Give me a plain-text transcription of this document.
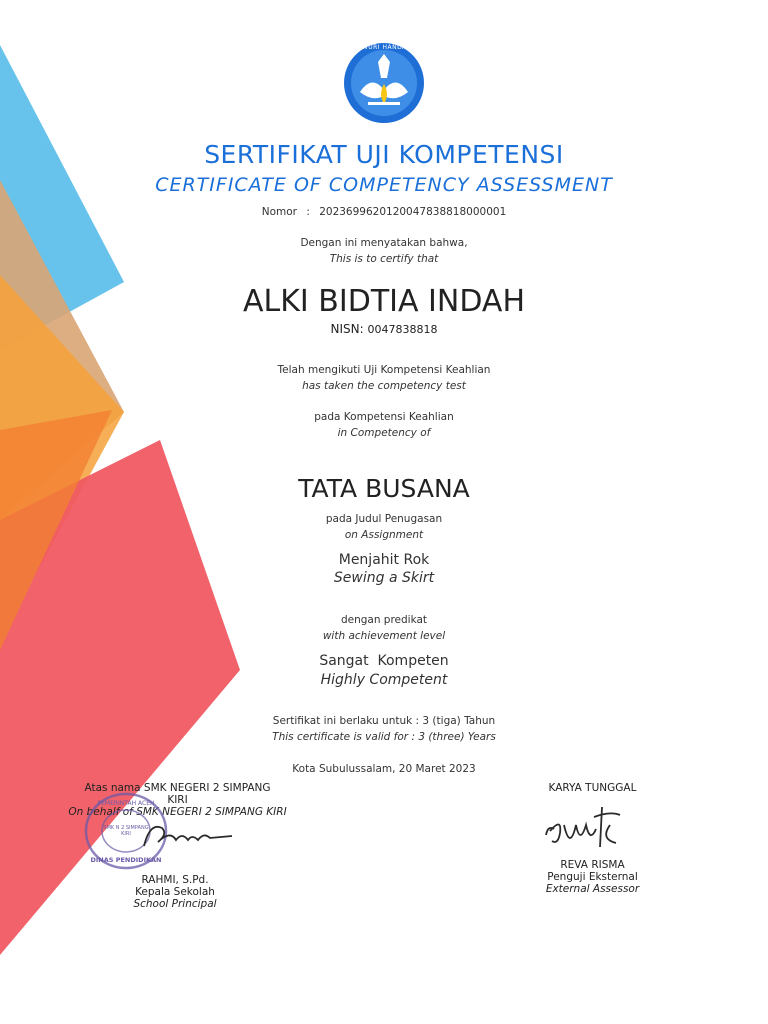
TUT WURI HANDAYANI
SERTIFIKAT UJI KOMPETENSI
CERTIFICATE OF COMPETENCY ASSESSMENT
Nomor : 2023699620120047838818000001
Dengan ini menyatakan bahwa,
This is to certify that
ALKI BIDTIA INDAH
NISN: 0047838818
Telah mengikuti Uji Kompetensi Keahlian
has taken the competency test
pada Kompetensi Keahlian
in Competency of
TATA BUSANA
pada Judul Penugasan
on Assignment
Menjahit Rok
Sewing a Skirt
dengan predikat
with achievement level
Sangat  Kompeten
Highly Competent
Sertifikat ini berlaku untuk : 3 (tiga) Tahun
This certificate is valid for : 3 (three) Years
Kota Subulussalam, 20 Maret 2023
Atas nama SMK NEGERI 2 SIMPANG
KIRI
On behalf of SMK NEGERI 2 SIMPANG KIRI
PEMERINTAH ACEH
SMK N 2 SIMPANG KIRI
DINAS PENDIDIKAN
RAHMI, S.Pd.
Kepala Sekolah
School Principal
KARYA TUNGGAL
REVA RISMA
Penguji Eksternal
External Assessor
